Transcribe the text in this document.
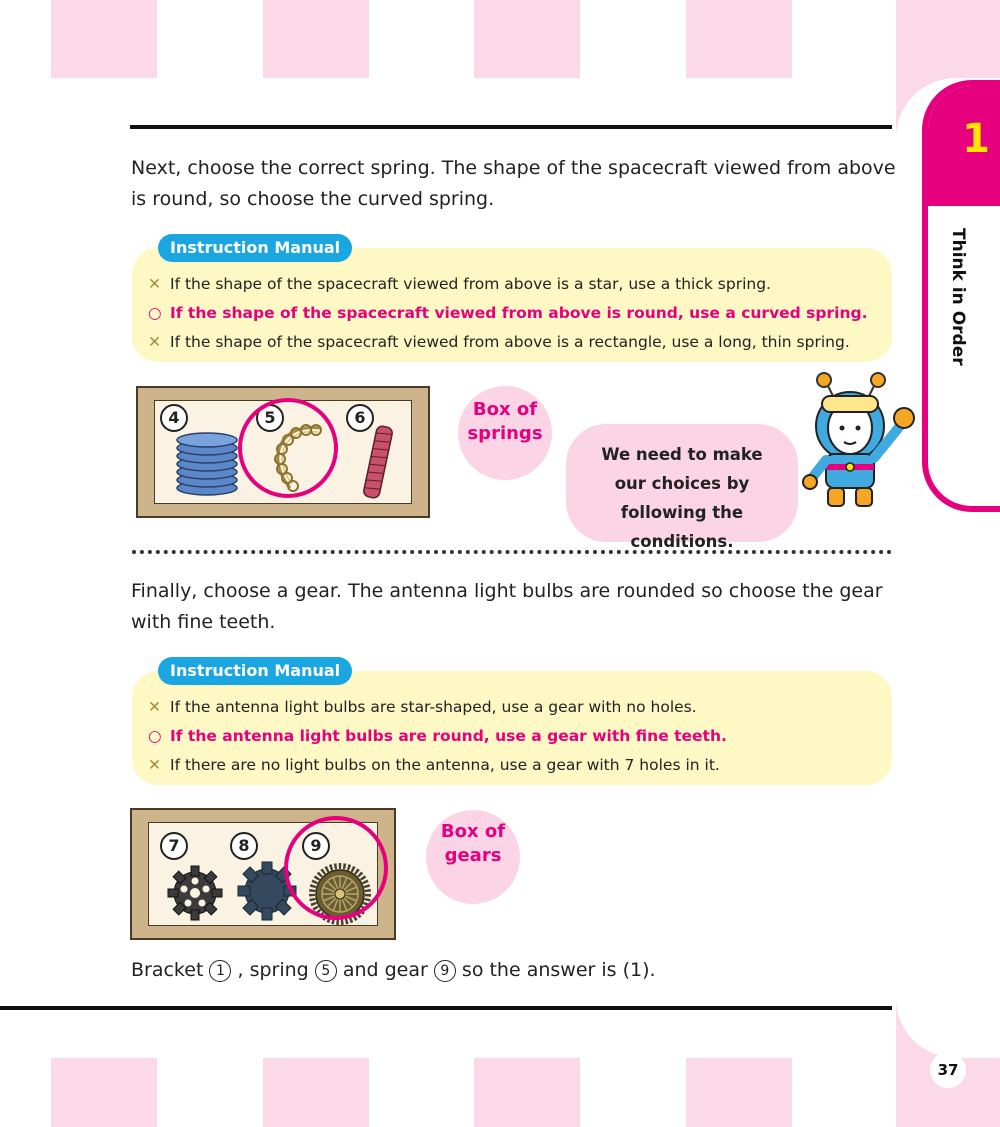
1
Think in Order
37
Next, choose the correct spring. The shape of the spacecraft viewed from above is round, so choose the curved spring.
Instruction Manual
✕ If the shape of the spacecraft viewed from above is a star, use a thick spring.
○ If the shape of the spacecraft viewed from above is round, use a curved spring.
✕ If the shape of the spacecraft viewed from above is a rectangle, use a long, thin spring.
4	5	6	Box of springs
We need to make our choices by following the conditions.
Finally, choose a gear. The antenna light bulbs are rounded so choose the gear with fine teeth.
Instruction Manual
✕ If the antenna light bulbs are star-shaped, use a gear with no holes.
○ If the antenna light bulbs are round, use a gear with fine teeth.
✕ If there are no light bulbs on the antenna, use a gear with 7 holes in it.
7	8	9
Box of gears
Bracket 1 , spring 5 and gear 9 so the answer is (1).
